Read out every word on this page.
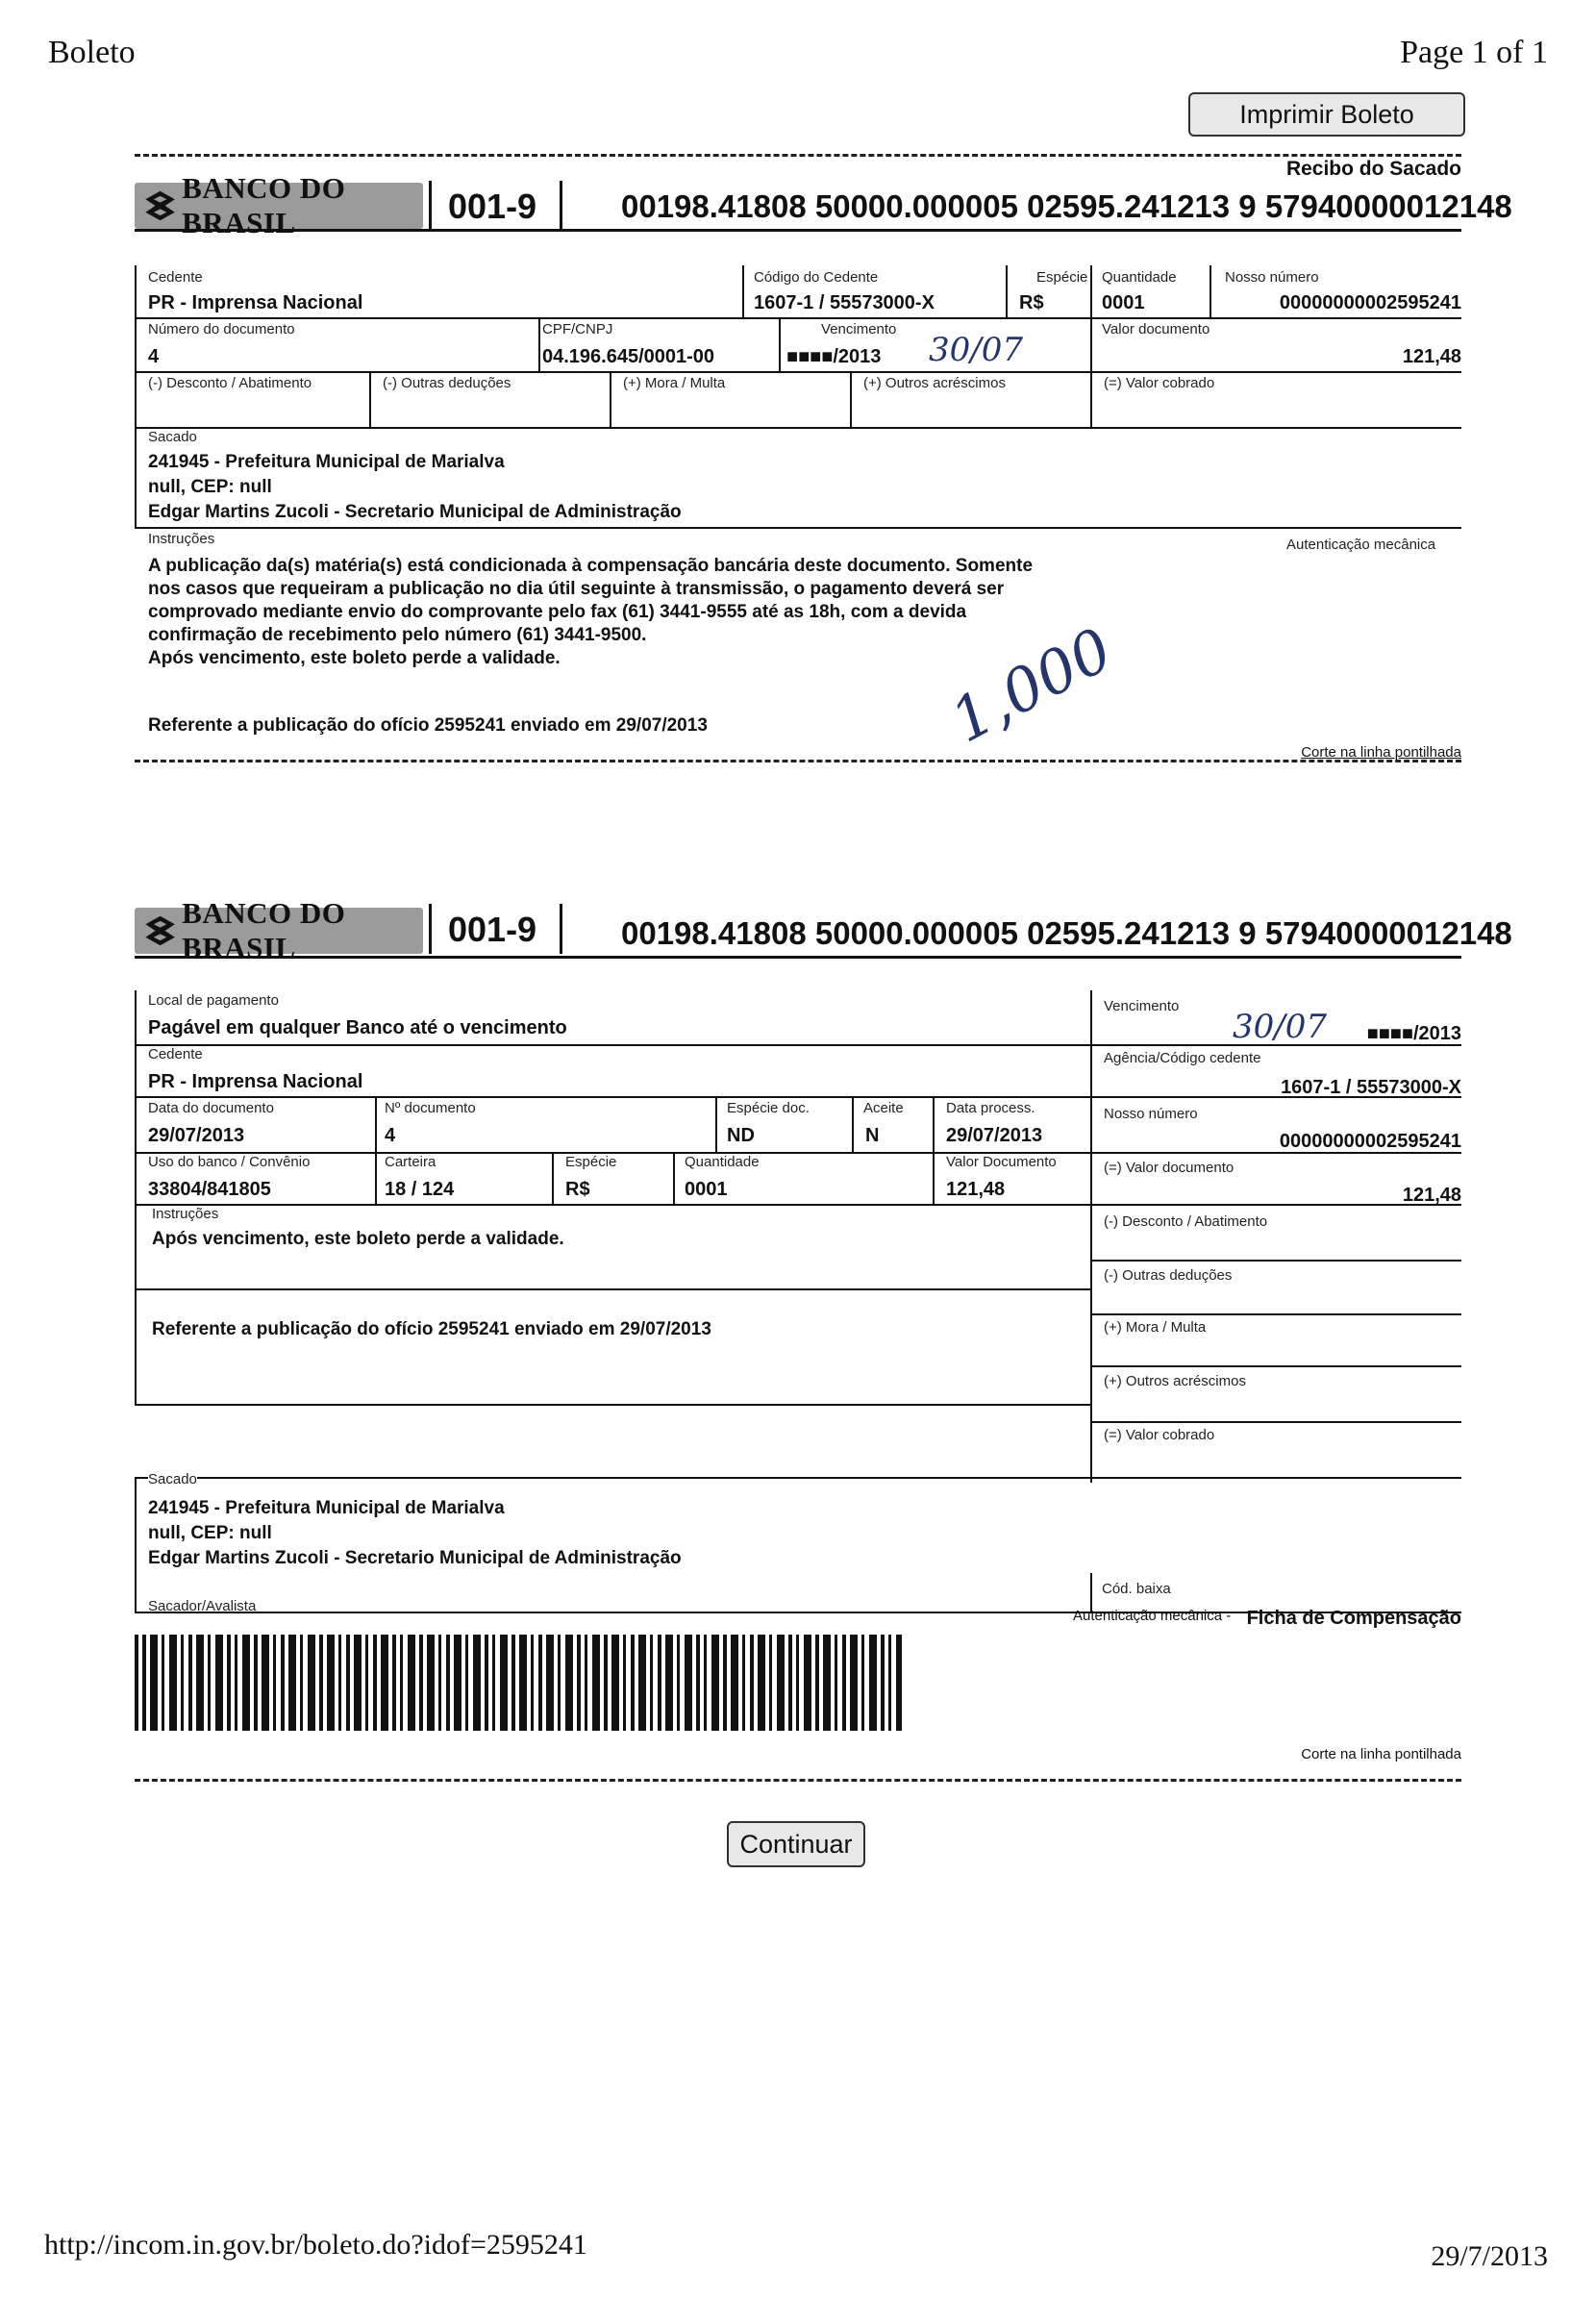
Boleto	Page 1 of 1
Imprimir Boleto
Recibo do Sacado
BANCO DO BRASIL	001-9	00198.41808 50000.000005 02595.241213 9 57940000012148
Cedente
PR - Imprensa Nacional
Código do Cedente
1607-1 / 55573000-X
Espécie
R$
Quantidade
0001
Nosso número
00000000002595241
Número do documento
4
CPF/CNPJ
04.196.645/0001-00
Vencimento
■■■■/2013 30/07
Valor documento
121,48
(-) Desconto / Abatimento	(-) Outras deduções	(+) Mora / Multa	(+) Outros acréscimos	(=) Valor cobrado
Sacado
241945 - Prefeitura Municipal de Marialva
null, CEP: null
Edgar Martins Zucoli - Secretario Municipal de Administração
Instruções	Autenticação mecânica
A publicação da(s) matéria(s) está condicionada à compensação bancária deste documento. Somente
nos casos que requeiram a publicação no dia útil seguinte à transmissão, o pagamento deverá ser
comprovado mediante envio do comprovante pelo fax (61) 3441-9555 até as 18h, com a devida
confirmação de recebimento pelo número (61) 3441-9500.
Após vencimento, este boleto perde a validade.
Referente a publicação do ofício 2595241 enviado em 29/07/2013	1,000	Corte na linha pontilhada
BANCO DO BRASIL	001-9	00198.41808 50000.000005 02595.241213 9 57940000012148
Local de pagamento
Pagável em qualquer Banco até o vencimento
Cedente
PR - Imprensa Nacional
Data do documento
29/07/2013
Nº documento
4
Espécie doc.
ND
Aceite
N
Data process.
29/07/2013
Uso do banco / Convênio
33804/841805
Carteira
18 / 124
Espécie
R$
Quantidade
0001
Valor Documento
121,48
Instruções
Após vencimento, este boleto perde a validade.
Referente a publicação do ofício 2595241 enviado em 29/07/2013
Vencimento
30/07 ■■■■/2013
Agência/Código cedente
1607-1 / 55573000-X
Nosso número
00000000002595241
(=) Valor documento
121,48
(-) Desconto / Abatimento
(-) Outras deduções
(+) Mora / Multa
(+) Outros acréscimos
(=) Valor cobrado
Sacado
241945 - Prefeitura Municipal de Marialva
null, CEP: null
Edgar Martins Zucoli - Secretario Municipal de Administração
Cód. baixa
Sacador/Avalista
Autenticação mecânica - Ficha de Compensação
Corte na linha pontilhada
Continuar
http://incom.in.gov.br/boleto.do?idof=2595241	29/7/2013
